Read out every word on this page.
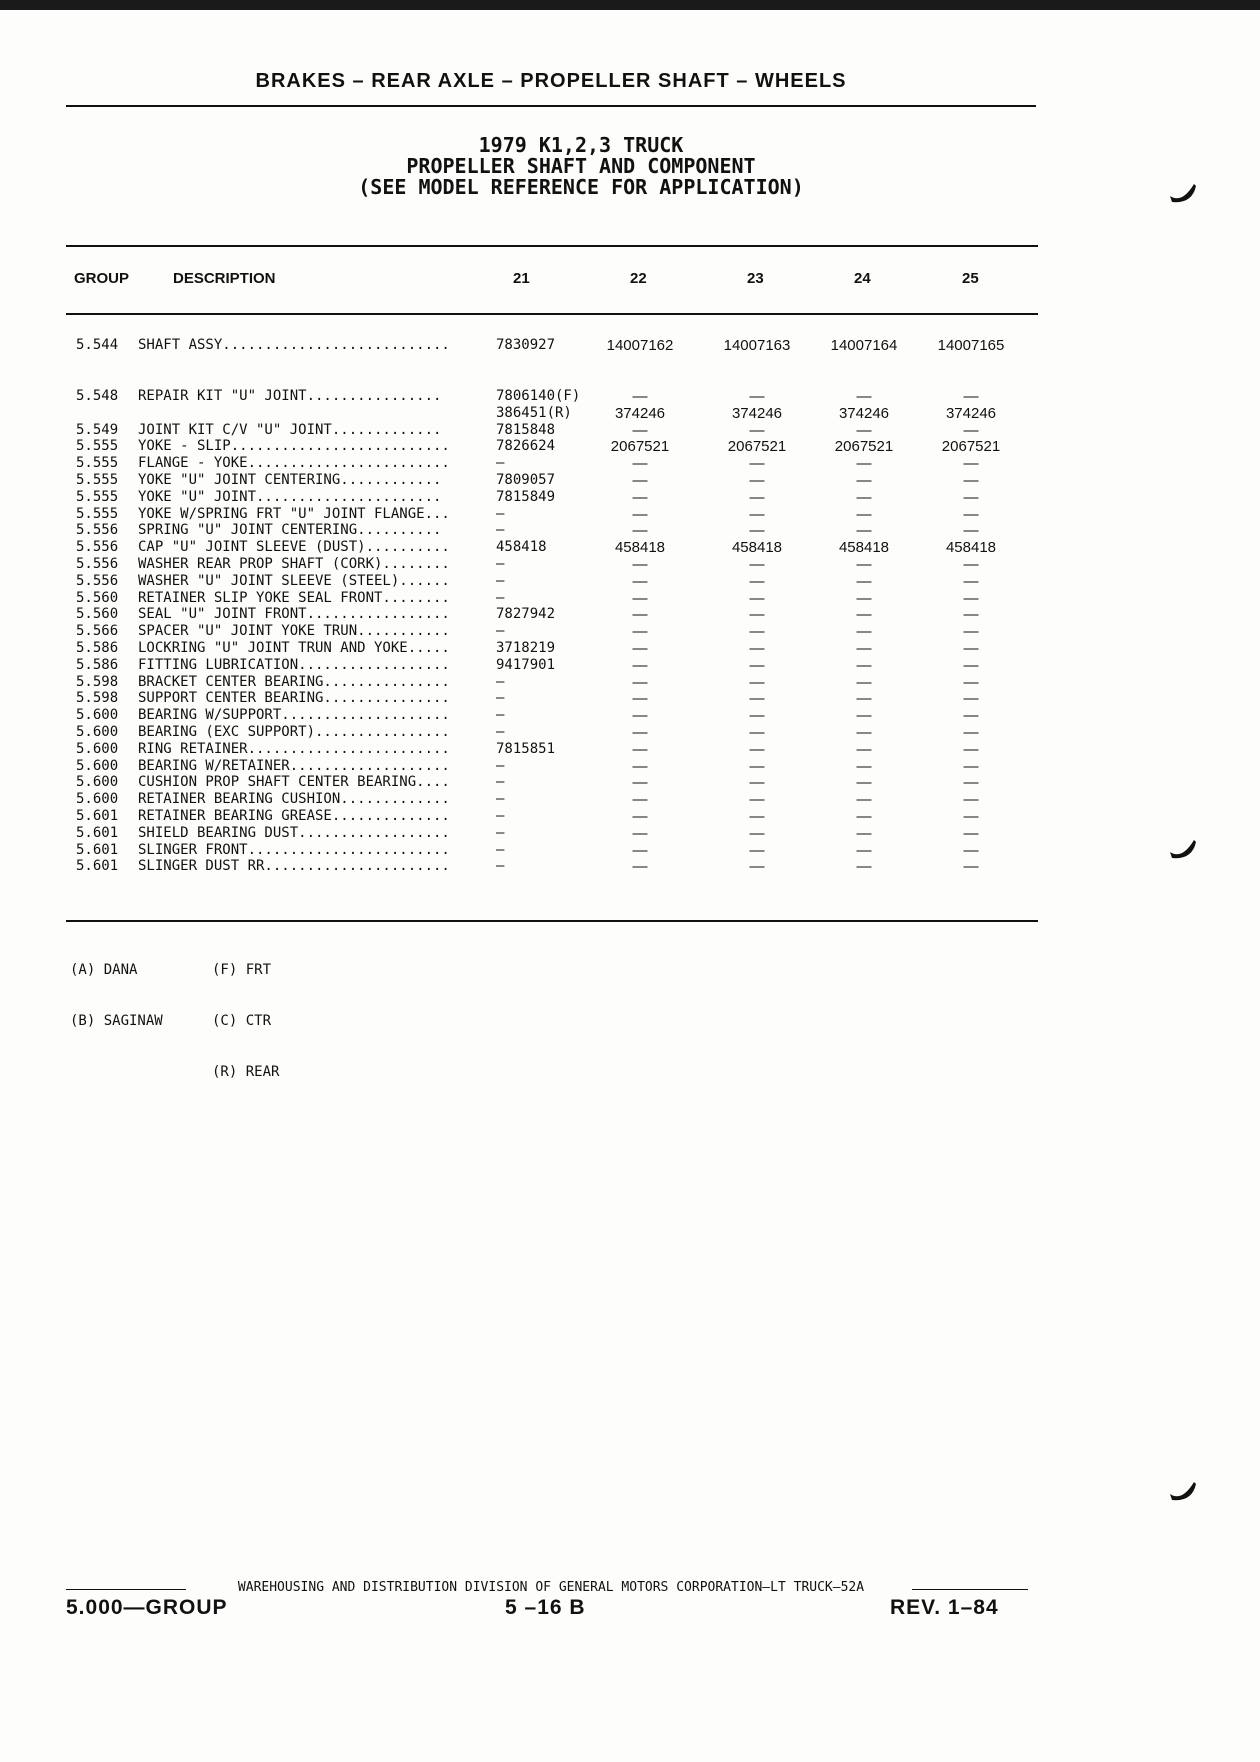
BRAKES – REAR AXLE – PROPELLER SHAFT – WHEELS
1979 K1,2,3 TRUCK
PROPELLER SHAFT AND COMPONENT
(SEE MODEL REFERENCE FOR APPLICATION)
GROUP	DESCRIPTION	21	22	23	24	25
5.544 SHAFT ASSY...........................	7830927	14007162	14007163	14007164	14007165
5.548 REPAIR KIT "U" JOINT................	7806140(F)	—	—	—	—
386451(R)	374246	374246	374246	374246
5.549 JOINT KIT C/V "U" JOINT.............	7815848	—	—	—	—
5.555 YOKE - SLIP..........................	7826624	2067521	2067521	2067521	2067521
5.555 FLANGE - YOKE........................	—	—	—	—	—
5.555 YOKE "U" JOINT CENTERING............	7809057	—	—	—	—
5.555 YOKE "U" JOINT......................	7815849	—	—	—	—
5.555 YOKE W/SPRING FRT "U" JOINT FLANGE...	—	—	—	—	—
5.556 SPRING "U" JOINT CENTERING..........	—	—	—	—	—
5.556 CAP "U" JOINT SLEEVE (DUST)..........	458418	458418	458418	458418	458418
5.556 WASHER REAR PROP SHAFT (CORK)........	—	—	—	—	—
5.556 WASHER "U" JOINT SLEEVE (STEEL)......	—	—	—	—	—
5.560 RETAINER SLIP YOKE SEAL FRONT........	—	—	—	—	—
5.560 SEAL "U" JOINT FRONT.................	7827942	—	—	—	—
5.566 SPACER "U" JOINT YOKE TRUN...........	—	—	—	—	—
5.586 LOCKRING "U" JOINT TRUN AND YOKE.....	3718219	—	—	—	—
5.586 FITTING LUBRICATION..................	9417901	—	—	—	—
5.598 BRACKET CENTER BEARING...............	—	—	—	—	—
5.598 SUPPORT CENTER BEARING...............	—	—	—	—	—
5.600 BEARING W/SUPPORT....................	—	—	—	—	—
5.600 BEARING (EXC SUPPORT)................	—	—	—	—	—
5.600 RING RETAINER........................	7815851	—	—	—	—
5.600 BEARING W/RETAINER...................	—	—	—	—	—
5.600 CUSHION PROP SHAFT CENTER BEARING....	—	—	—	—	—
5.600 RETAINER BEARING CUSHION.............	—	—	—	—	—
5.601 RETAINER BEARING GREASE..............	—	—	—	—	—
5.601 SHIELD BEARING DUST..................	—	—	—	—	—
5.601 SLINGER FRONT........................	—	—	—	—	—
5.601 SLINGER DUST RR......................	—	—	—	—	—

(A) DANA

(B) SAGINAW

(F) FRT

(C) CTR

(R) REAR

WAREHOUSING AND DISTRIBUTION DIVISION OF GENERAL MOTORS CORPORATION—LT TRUCK—52A
5.000—GROUP	5 –16 B	REV. 1–84
